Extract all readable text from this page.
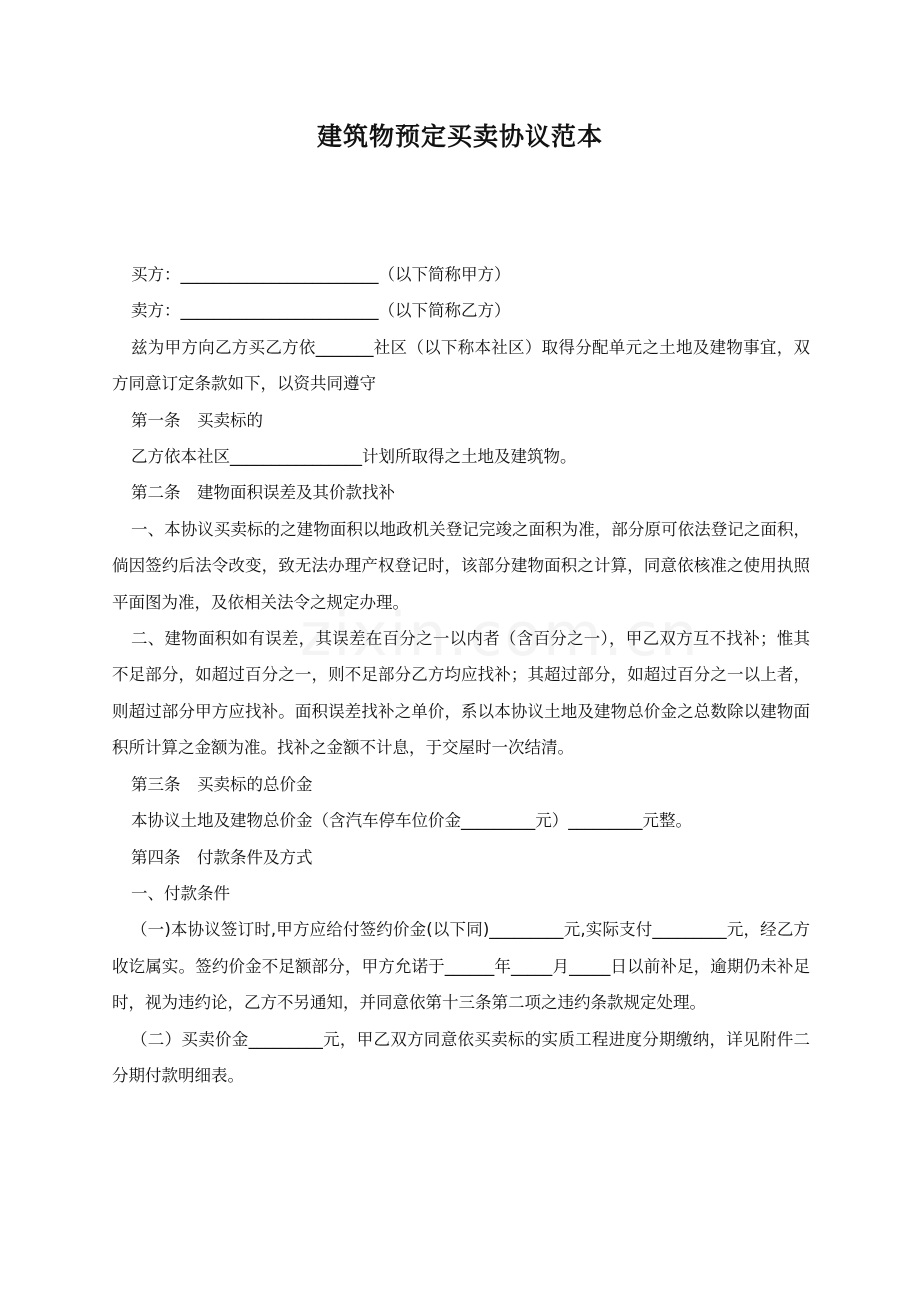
建筑物预定买卖协议范本

买方：________________________（以下简称甲方）

卖方：________________________（以下简称乙方）

兹为甲方向乙方买乙方依_______社区（以下称本社区）取得分配单元之土地及建物事宜，双方同意订定条款如下，以资共同遵守

第一条　买卖标的

乙方依本社区________________计划所取得之土地及建筑物。

第二条　建物面积误差及其价款找补

一、本协议买卖标的之建物面积以地政机关登记完竣之面积为准，部分原可依法登记之面积，倘因签约后法令改变，致无法办理产权登记时，该部分建物面积之计算，同意依核准之使用执照平面图为准，及依相关法令之规定办理。

二、建物面积如有误差，其误差在百分之一以内者（含百分之一），甲乙双方互不找补；惟其不足部分，如超过百分之一，则不足部分乙方均应找补；其超过部分，如超过百分之一以上者，则超过部分甲方应找补。面积误差找补之单价，系以本协议土地及建物总价金之总数除以建物面积所计算之金额为准。找补之金额不计息，于交屋时一次结清。

第三条　买卖标的总价金

本协议土地及建物总价金（含汽车停车位价金_________元）_________元整。

第四条　付款条件及方式

一、付款条件

（一)本协议签订时,甲方应给付签约价金(以下同)_________元,实际支付_________元，经乙方收讫属实。签约价金不足额部分，甲方允诺于______年_____月_____日以前补足，逾期仍未补足时，视为违约论，乙方不另通知，并同意依第十三条第二项之违约条款规定处理。

（二）买卖价金_________元，甲乙双方同意依买卖标的实质工程进度分期缴纳，详见附件二分期付款明细表。
